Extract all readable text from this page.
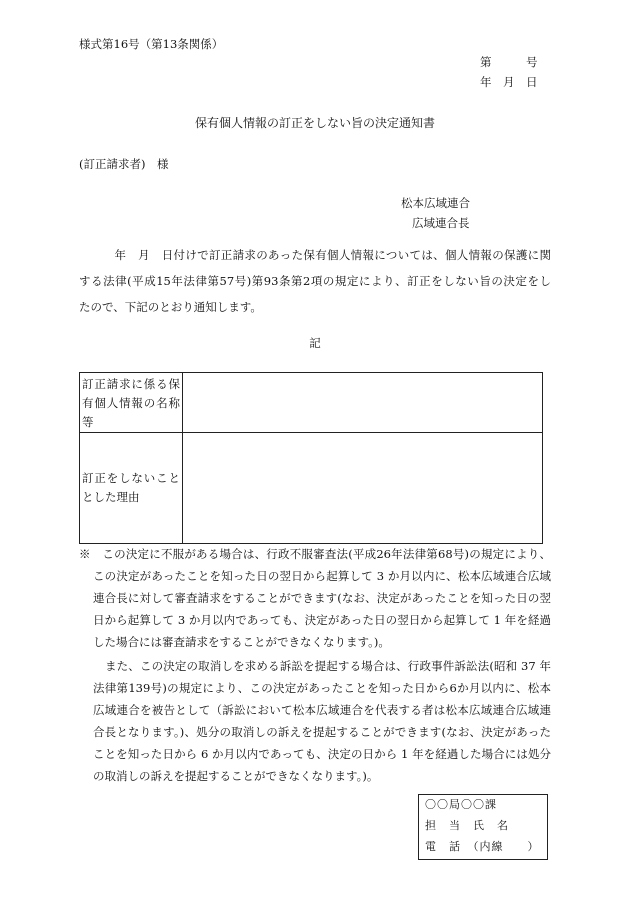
様式第16号（第13条関係）
第　　　号
年　月　日
保有個人情報の訂正をしない旨の決定通知書
(訂正請求者)　様
松本広域連合
広域連合長
　　　年　月　日付けで訂正請求のあった保有個人情報については、個人情報の保護に関
する法律(平成15年法律第57号)第93条第2項の規定により、訂正をしない旨の決定をし
たので、下記のとおり通知します。
記
訂正請求に係る保
有個人情報の名称
等
訂正をしないこと
とした理由
※　この決定に不服がある場合は、行政不服審査法(平成26年法律第68号)の規定により、
この決定があったことを知った日の翌日から起算して 3 か月以内に、松本広域連合広域
連合長に対して審査請求をすることができます(なお、決定があったことを知った日の翌
日から起算して 3 か月以内であっても、決定があった日の翌日から起算して 1 年を経過
した場合には審査請求をすることができなくなります。)。
また、この決定の取消しを求める訴訟を提起する場合は、行政事件訴訟法(昭和 37 年
法律第139号)の規定により、この決定があったことを知った日から6か月以内に、松本
広域連合を被告として（訴訟において松本広域連合を代表する者は松本広域連合広域連
合長となります。)、処分の取消しの訴えを提起することができます(なお、決定があった
ことを知った日から 6 か月以内であっても、決定の日から 1 年を経過した場合には処分
の取消しの訴えを提起することができなくなります。)。
〇〇局〇〇課
担　当　氏　名
電　話　（内線　　）
